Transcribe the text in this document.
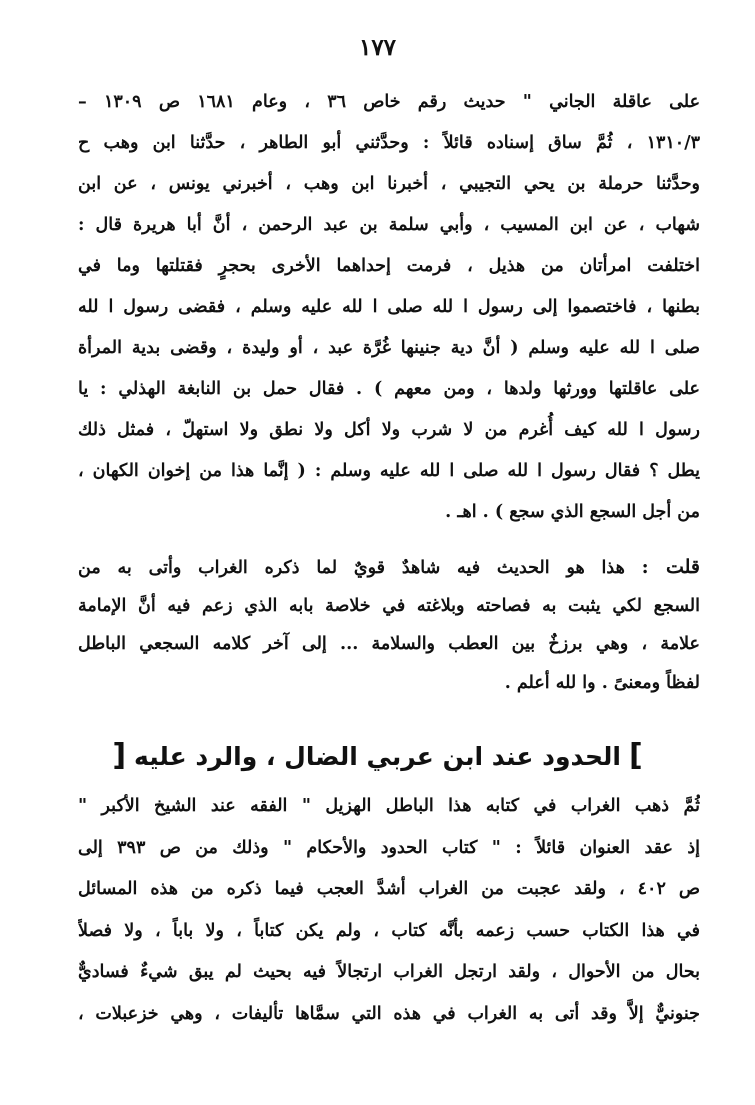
١٧٧
على عاقلة الجاني " حديث رقم خاص ٣٦ ، وعام ١٦٨١ ص ١٣٠٩ –
١٣١٠/٣ ، ثُمَّ ساق إسناده قائلاً : وحدَّثني أبو الطاهر ، حدَّثنا ابن وهب ح
وحدَّثنا حرملة بن يحي التجيبي ، أخبرنا ابن وهب ، أخبرني يونس ، عن ابن
شهاب ، عن ابن المسيب ، وأبي سلمة بن عبد الرحمن ، أنَّ أبا هريرة قال :
اختلفت امرأتان من هذيل ، فرمت إحداهما الأخرى بحجرٍ فقتلتها وما في
بطنها ، فاختصموا إلى رسول ا لله صلى ا لله عليه وسلم ، فقضى رسول ا لله
صلى ا لله عليه وسلم ( أنَّ دية جنينها غُرَّة عبد ، أو وليدة ، وقضى بدية المرأة
على عاقلتها وورثها ولدها ، ومن معهم ) . فقال حمل بن النابغة الهذلي : يا
رسول ا لله كيف أُغرم من لا شرب ولا أكل ولا نطق ولا استهلّ ، فمثل ذلك
يطل ؟ فقال رسول ا لله صلى ا لله عليه وسلم : ( إنَّما هذا من إخوان الكهان ،
من أجل السجع الذي سجع ) . اهـ .
قلت : هذا هو الحديث فيه شاهدٌ قويٌ لما ذكره الغراب وأتى به من
السجع لكي يثبت به فصاحته وبلاغته في خلاصة بابه الذي زعم فيه أنَّ الإمامة
علامة ، وهي برزخٌ بين العطب والسلامة ... إلى آخر كلامه السجعي الباطل
لفظاً ومعنىً . وا لله أعلم .
]الحدود عند ابن عربي الضال ، والرد عليه[
ثُمَّ ذهب الغراب في كتابه هذا الباطل الهزيل " الفقه عند الشيخ الأكبر "
إذ عقد العنوان قائلاً : " كتاب الحدود والأحكام " وذلك من ص ٣٩٣ إلى
ص ٤٠٢ ، ولقد عجبت من الغراب أشدَّ العجب فيما ذكره من هذه المسائل
في هذا الكتاب حسب زعمه بأنَّه كتاب ، ولم يكن كتاباً ، ولا باباً ، ولا فصلاً
بحال من الأحوال ، ولقد ارتجل الغراب ارتجالاً فيه بحيث لم يبق شيءٌ فساديٌّ
جنونيٌّ إلاَّ وقد أتى به الغراب في هذه التي سمَّاها تأليفات ، وهي خزعبلات ،
